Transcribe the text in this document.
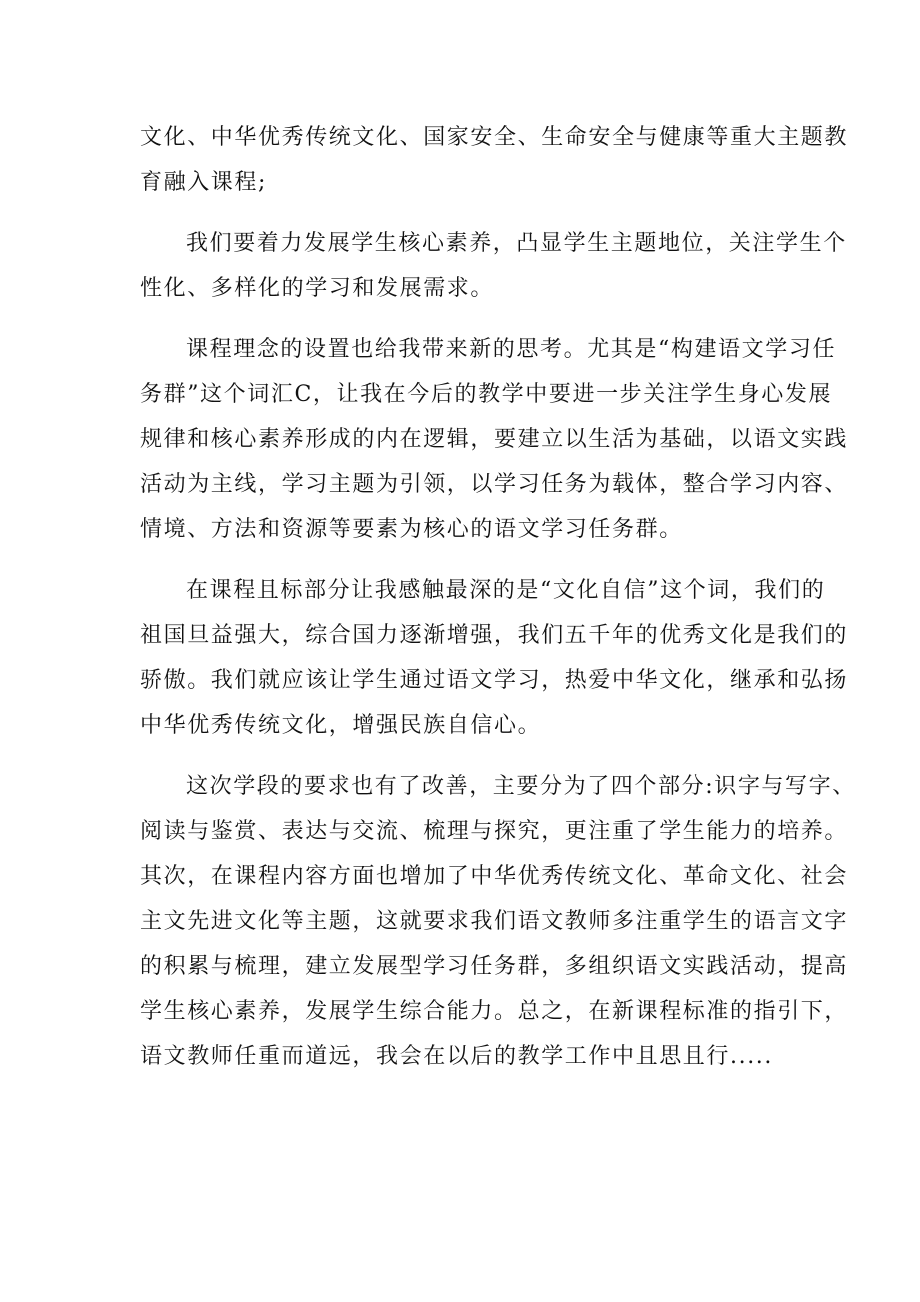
文化、中华优秀传统文化、国家安全、生命安全与健康等重大主题教
育融入课程;
我们要着力发展学生核心素养，凸显学生主题地位，关注学生个
性化、多样化的学习和发展需求。
课程理念的设置也给我带来新的思考。尤其是“构建语文学习任
务群”这个词汇C，让我在今后的教学中要进一步关注学生身心发展
规律和核心素养形成的内在逻辑，要建立以生活为基础，以语文实践
活动为主线，学习主题为引领，以学习任务为载体，整合学习内容、
情境、方法和资源等要素为核心的语文学习任务群。
在课程且标部分让我感触最深的是“文化自信”这个词，我们的
祖国旦益强大，综合国力逐渐增强，我们五千年的优秀文化是我们的
骄傲。我们就应该让学生通过语文学习，热爱中华文化，继承和弘扬
中华优秀传统文化，增强民族自信心。
这次学段的要求也有了改善，主要分为了四个部分:识字与写字、
阅读与鉴赏、表达与交流、梳理与探究，更注重了学生能力的培养。
其次，在课程内容方面也增加了中华优秀传统文化、革命文化、社会
主文先进文化等主题，这就要求我们语文教师多注重学生的语言文字
的积累与梳理，建立发展型学习任务群，多组织语文实践活动，提高
学生核心素养，发展学生综合能力。总之，在新课程标准的指引下，
语文教师任重而道远，我会在以后的教学工作中且思且行.....
